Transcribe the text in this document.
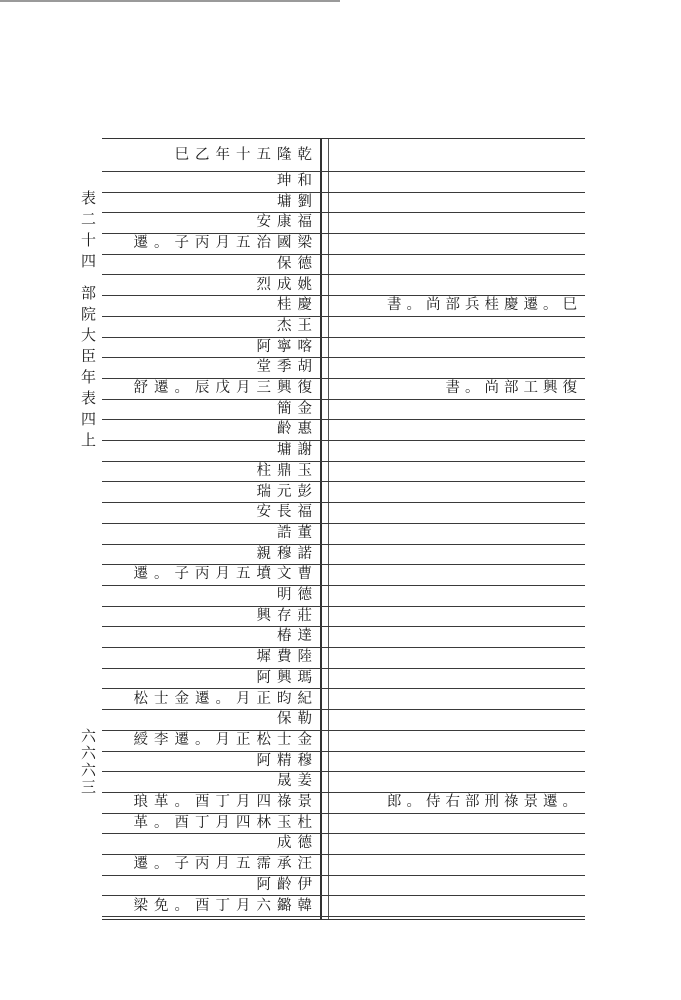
表二十四 部院大臣年表四上
六六六三
巳乙年十五隆乾
珅和
墉劉
安康福
遷。子丙月五治國梁
保德
烈成姚
桂慶	書。尚部兵桂慶遷。巳
杰王
阿寧喀
堂季胡
舒遷。辰戊月三興復	書。尚部工興復
簡金
齡惠
墉謝
柱鼎玉
瑞元彭
安長福
誥董
親穆諾
遷。子丙月五墳文曹
明德
興存莊
椿達
墀費陸
阿興瑪
松士金遷。月正昀紀
保勒
綬李遷。月正松士金
阿精穆
晟姜
琅革。酉丁月四祿景	郎。侍右部刑祿景遷。
革。酉丁月四林玉杜
成德
遷。子丙月五霈承汪
阿齡伊
梁免。酉丁月六鏴韓
